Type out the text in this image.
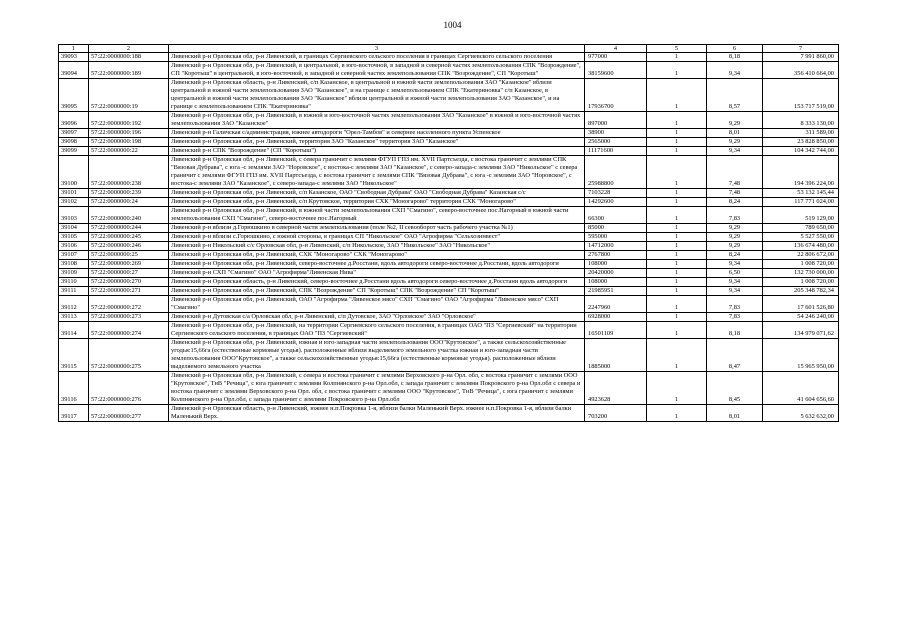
1004
1	2	3	4	5	6	7
39093	57:22:0000000:188	Ливенский р-н Орловская обл, р-н Ливенский, в границах Сергиевского сельского поселения в границах Сергиевского сельского поселения	977000	1	8,18	7 991 860,00
39094	57:22:0000000:189	Ливенский р-н Орловская обл, р-н Ливенский, в центральной, в юго-восточной, в западной и северной частях землепользования СПК "Возрождение", СП "Коротыш" в центральной, в юго-восточной, в западной и северной частях землепользования СПК "Возрождение", СП "Коротыш"	38159600	1	9,34	356 410 664,00
39095	57:22:0000000:19	Ливенский р-н Орловская область, р-н Ливенский, с/п Казанское, в центральной и южной части землепользования ЗАО "Казанское" вблизи центральной и южной части землепользования ЗАО "Казанское", и на границе с землепользованием СПК "Екатериновка" с/п Казанское, в центральной и южной части землепользования ЗАО "Казанское" вблизи центральной и южной части землепользования ЗАО "Казанское", и на границе с землепользованием СПК "Екатериновка"	17936700	1	8,57	153 717 519,00
39096	57:22:0000000:192	Ливенский р-н Орловская обл, р-н Ливенский, в южной и юго-восточной частях землепользования ЗАО "Казанское" в южной и юго-восточной частях землепользования ЗАО "Казанское"	897000	1	9,29	8 333 130,00
39097	57:22:0000000:196	Ливенский р-н Галичская с/администрация, южнее автодороги "Орел-Тамбов" и севернее населенного пункта Успенское	38900	1	8,01	311 589,00
39098	57:22:0000000:198	Ливенский р-н Орловская обл, р-н Ливенский, территория ЗАО "Казанское" территория ЗАО "Казанское"	2565000	1	9,29	23 828 850,00
39099	57:22:0000000:22	Ливенский р-н СПК "Возрождение" (СП "Коротыш")	11171600	1	9,34	104 342 744,00
39100	57:22:0000000:238	Ливенский р-н Орловская обл, р-н Ливенский, с севера граничит с землями ФГУП ГПЗ им. XVII Партсъезда, с востока граничит с землями СПК "Вязовая Дубрава", с юга -с землями ЗАО "Норовское", с востока-с землями ЗАО "Казанское", с северо-запада-с землями ЗАО "Никольское" с севера граничит с землями ФГУП ГПЗ им. XVII Партсъезда, с востока граничит с землями СПК "Вязовая Дубрава", с юга -с землями ЗАО "Норовское", с востока-с землями ЗАО "Казанское", с северо-запада-с землями ЗАО "Никольское"	25988800	1	7,48	194 396 224,00
39101	57:22:0000000:239	Ливенский р-н Орловская обл, р-н Ливенский, с/п Казанское, ОАО "Свободная Дубрава" ОАО "Свободная Дубрава" Казанская с/с	7103228	1	7,48	53 132 145,44
39102	57:22:0000000:24	Ливенский р-н Орловская обл, р-н Ливенский, с/п Крутовское, территория СХК "Моногарово" территория СХК "Моногарово"	14292600	1	8,24	117 771 024,00
39103	57:22:0000000:240	Ливенский р-н Орловская обл, р-н Ливенский, в южной части землепользования СХП "Смагино", северо-восточнее пос.Нагорный в южной части землепользования СХП "Смагино", северо-восточнее пос.Нагорный	66300	1	7,83	519 129,00
39104	57:22:0000000:244	Ливенский р-н вблизи д.Горюшкино в северной части землепользования (поле №2, II севооборот часть рабочего участка №1)	85000	1	9,29	789 650,00
39105	57:22:0000000:245	Ливенский р-н вблизи с.Горюшкино, с южной стороны, в границах СП "Никольское" ОАО "Агрофирма "Сельхозинвест"	595000	1	9,29	5 527 550,00
39106	57:22:0000000:246	Ливенский р-н Никольский с/с Орловская обл, р-н Ливенский, с/п Никольское, ЗАО "Никольское" ЗАО "Никольское"	14712000	1	9,29	136 674 480,00
39107	57:22:0000000:25	Ливенский р-н Орловская обл, р-н Ливенский, СХК "Моногарово" СХК "Моногарово"	2767800	1	8,24	22 806 672,00
39108	57:22:0000000:269	Ливенский р-н Орловская обл, р-н Ливенский, северо-восточнее д.Росстани, вдоль автодороги северо-восточнее д.Росстани, вдоль автодороги	108000	1	9,34	1 008 720,00
39109	57:22:0000000:27	Ливенский р-н СХП "Смагино" ОАО "Агрофирма"Ливенская Нива"	20420000	1	6,50	132 730 000,00
39110	57:22:0000000:270	Ливенский р-н Орловская область, р-н Ливенский, северо-восточнее д.Росстани вдоль автодороги северо-восточнее д.Росстани вдоль автодороги	108000	1	9,34	1 008 720,00
39111	57:22:0000000:271	Ливенский р-н Орловская обл, р-н Ливенский, СПК "Возрождение" СП "Коротыш" СПК "Возрождение" СП "Коротыш"	21985951	1	9,34	205 348 782,34
39112	57:22:0000000:272	Ливенский р-н Орловская обл, р-н Ливенский, ОАО "Агрофирма "Ливенское мясо" СХП "Смагино" ОАО "Агрофирма "Ливенское мясо" СХП "Смагино"	2247960	1	7,83	17 601 526,80
39113	57:22:0000000:273	Ливенский р-н Дутовская с/а Орловская обл, р-н Ливенский, с/п Дутовское, ЗАО "Орловское" ЗАО "Орловское"	6928000	1	7,83	54 246 240,00
39114	57:22:0000000:274	Ливенский р-н Орловская обл, р-н Ливенский, на территории Сергиевского сельского поселения, в границах ОАО "ПЗ "Сергиевский" на территории Сергиевского сельского поселения, в границах ОАО "ПЗ "Сергиевский"	16501109	1	8,18	134 979 071,62
39115	57:22:0000000:275	Ливенский р-н Орловская обл, р-н Ливенский, южная и юго-западная части землепользования ООО"Крутовское", а также сельскохозяйственные угодья:15,66га (естественные кормовые угодья). расположенные вблизи выделяемого земельного участка южная и юго-западная части землепользования ООО"Крутовское", а также сельскохозяйственные угодья:15,66га (естественные кормовые угодья). расположенные вблизи выделяемого земельного участка	1885000	1	8,47	15 965 950,00
39116	57:22:0000000:276	Ливенский р-н Орловская обл, р-н Ливенский, с севера и востока граничит с землями Верховского р-на Орл. обл, с востока граничит с землями ООО "Крутовское", ТнВ "Речица", с юга граничит с землями Колпнянского р-на Орл.обл, с запада граничит с землями Покровского р-на Орл.обл с севера и востока граничит с землями Верховского р-на Орл. обл, с востока граничит с землями ООО "Крутовское", ТнВ "Речица", с юга граничит с землями Колпнянского р-на Орл.обл, с запада граничит с землями Покровского р-на Орл.обл	4923628	1	8,45	41 604 656,60
39117	57:22:0000000:277	Ливенский р-н Орловская область, р-н Ливенский, южнее н.п.Покровка 1-я, вблизи балки Маленький Верх. южнее н.п.Покровка 1-я, вблизи балки Маленький Верх.	703200	1	8,01	5 632 632,00
